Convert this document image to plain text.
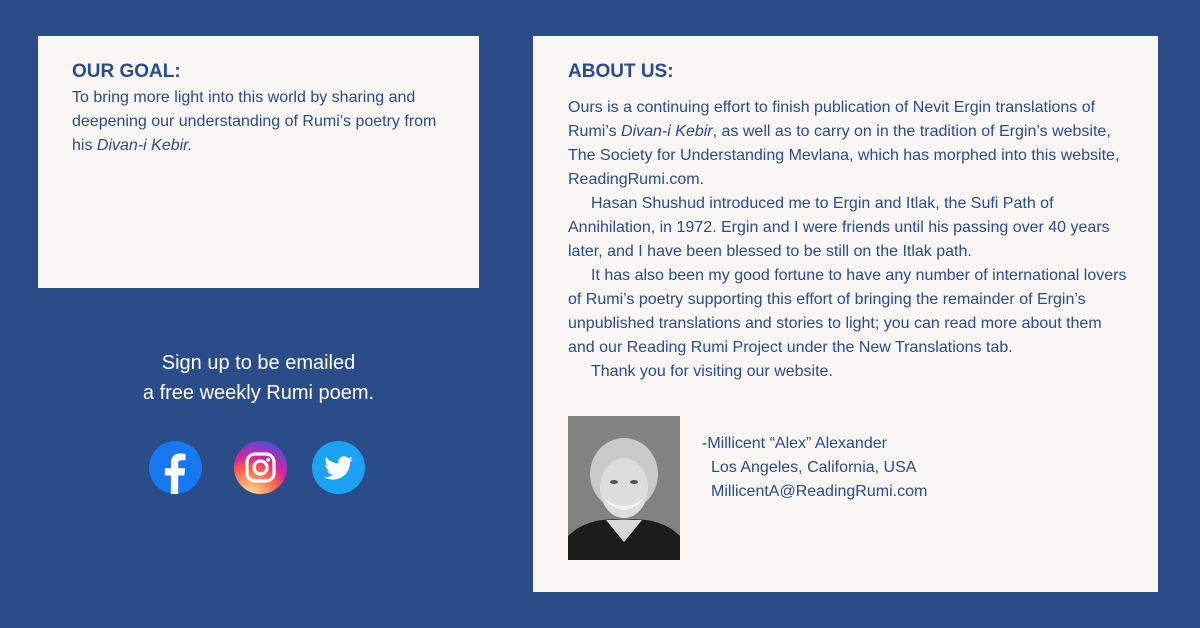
OUR GOAL:

To bring more light into this world by sharing and deepening our understanding of Rumi’s poetry from his Divan-i Kebir.

Sign up to be emailed
a free weekly Rumi poem.
ABOUT US:

Ours is a continuing effort to finish publication of Nevit Ergin translations of Rumi’s Divan-i Kebir, as well as to carry on in the tradition of Ergin’s website, The Society for Understanding Mevlana, which has morphed into this website, ReadingRumi.com.

Hasan Shushud introduced me to Ergin and Itlak, the Sufi Path of Annihilation, in 1972. Ergin and I were friends until his passing over 40 years later, and I have been blessed to be still on the Itlak path.

It has also been my good fortune to have any number of international lovers of Rumi’s poetry supporting this effort of bringing the remainder of Ergin’s unpublished translations and stories to light; you can read more about them and our Reading Rumi Project under the New Translations tab.

Thank you for visiting our website.

-Millicent “Alex” Alexander
Los Angeles, California, USA
MillicentA@ReadingRumi.com
